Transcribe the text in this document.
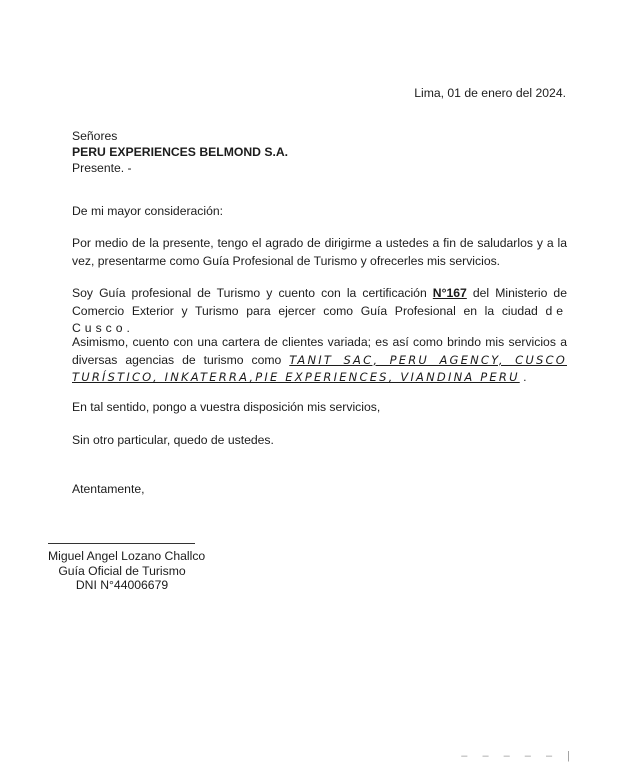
Lima, 01 de enero del 2024.
Señores
PERU EXPERIENCES BELMOND S.A.
Presente. -
De mi mayor consideración:
Por medio de la presente, tengo el agrado de dirigirme a ustedes a fin de saludarlos y a la vez, presentarme como Guía Profesional de Turismo y ofrecerles mis servicios.
Soy Guía profesional de Turismo y cuento con la certificación N°167 del Ministerio de Comercio Exterior y Turismo para ejercer como Guía Profesional en la ciudad de Cusco.
Asimismo, cuento con una cartera de clientes variada; es así como brindo mis servicios a diversas agencias de turismo como TANIT SAC, PERU AGENCY, CUSCO TURÍSTICO, INKATERRA,PIE EXPERIENCES, VIANDINA PERU .
En tal sentido, pongo a vuestra disposición mis servicios,
Sin otro particular, quedo de ustedes.
Atentamente,
Miguel Angel Lozano Challco
Guía Oficial de Turismo
DNI N°44006679
– – – – – |
